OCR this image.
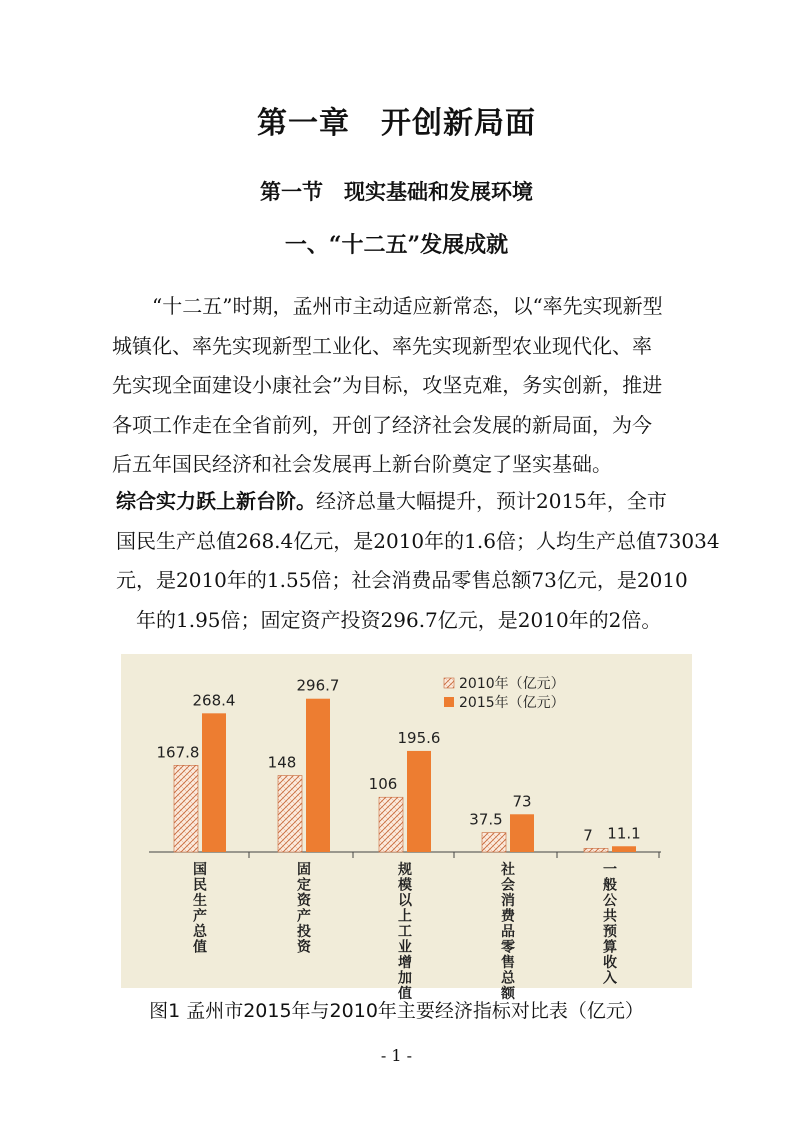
第一章　开创新局面
第一节　现实基础和发展环境
一、“十二五”发展成就
“十二五”时期，孟州市主动适应新常态，以“率先实现新型
城镇化、率先实现新型工业化、率先实现新型农业现代化、率
先实现全面建设小康社会”为目标，攻坚克难，务实创新，推进
各项工作走在全省前列，开创了经济社会发展的新局面，为今
后五年国民经济和社会发展再上新台阶奠定了坚实基础。
综合实力跃上新台阶。经济总量大幅提升，预计2015年，全市
国民生产总值268.4亿元，是2010年的1.6倍；人均生产总值73034
元，是2010年的1.55倍；社会消费品零售总额73亿元，是2010
年的1.95倍；固定资产投资296.7亿元，是2010年的2倍。
167.8
268.4
国
民
生
产
总
值
148
296.7
固
定
资
产
投
资
106
195.6
规
模
以
上
工
业
增
加
值
37.5
73
社
会
消
费
品
零
售
总
额
7 11.1
一
般
公
共
预
算
收
入
2010年（亿元）
2015年（亿元）
图1 孟州市2015年与2010年主要经济指标对比表（亿元）
- 1 -
